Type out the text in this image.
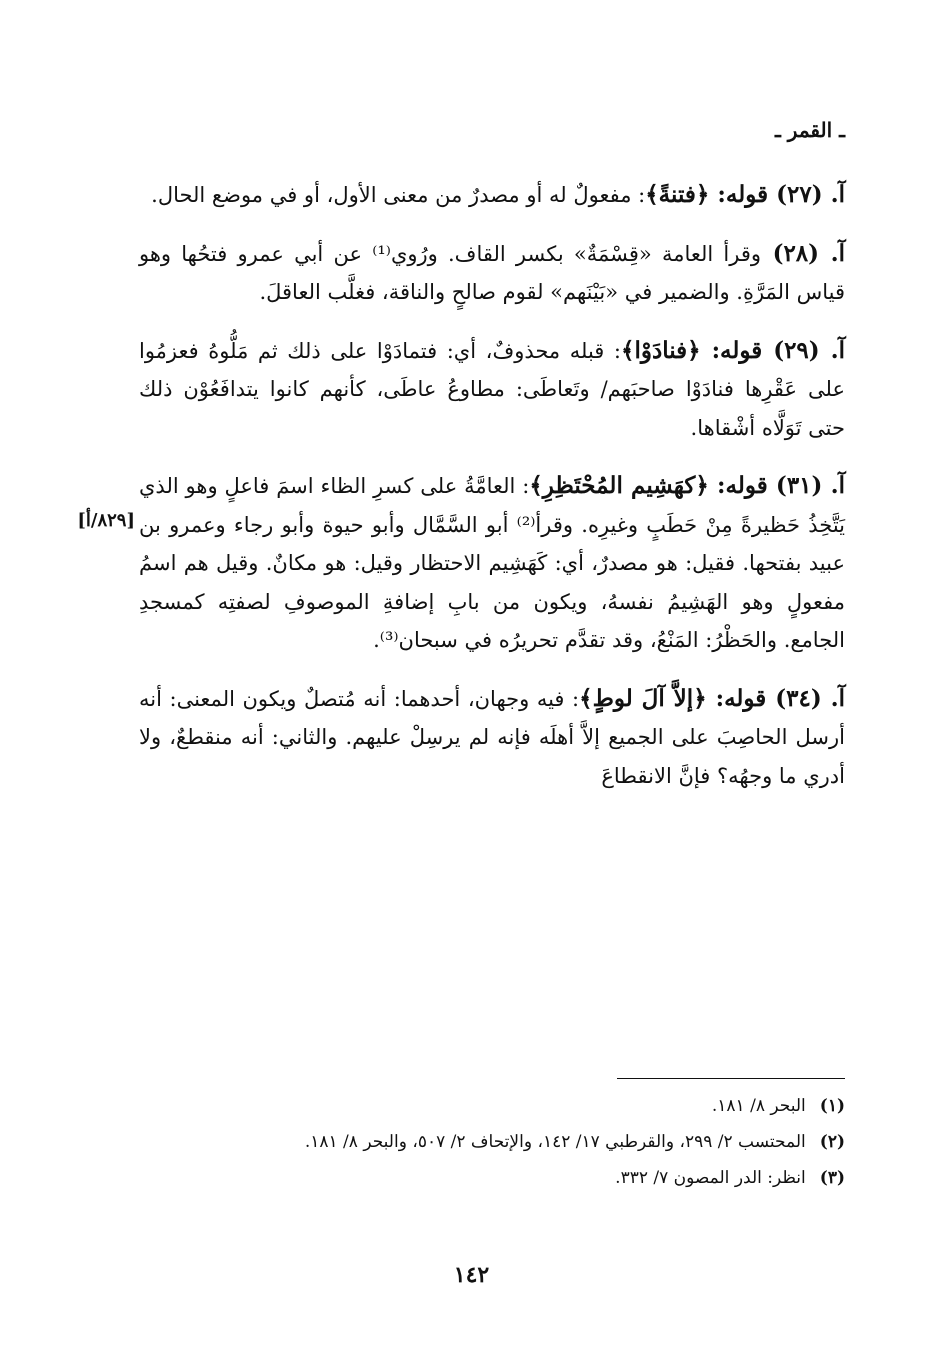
ـ القمر ـ
[٨٢٩/أ]

آ. (٢٧) قوله: ﴿فتنةً﴾: مفعولٌ له أو مصدرٌ من معنى الأول، أو في موضع الحال.

آ. (٢٨) وقرأ العامة «قِسْمَةٌ» بكسر القاف. ورُوي⁽¹⁾ عن أبي عمرو فتحُها وهو قياس المَرَّةِ. والضمير في «بَيْنَهم» لقوم صالحٍ والناقة، فغلَّب العاقلَ.

آ. (٢٩) قوله: ﴿فنادَوْا﴾: قبله محذوفٌ، أي: فتمادَوْا على ذلك ثم مَلُّوهُ فعزمُوا على عَقْرِها فنادَوْا صاحبَهم/ وتَعاطَى: مطاوعُ عاطَى، كأنهم كانوا يتدافَعُوْن ذلك حتى تَوَلَّاه أشْقاها.

آ. (٣١) قوله: ﴿كهَشِيم المُحْتَظِرِ﴾: العامَّةُ على كسرِ الظاء اسمَ فاعلٍ وهو الذي يَتَّخِذُ حَظيرةً مِنْ حَطَبٍ وغيرِه. وقرأ⁽²⁾ أبو السَّمَّال وأبو حيوة وأبو رجاء وعمرو بن عبيد بفتحها. فقيل: هو مصدرٌ، أي: كَهَشِيم الاحتظار وقيل: هو مكانٌ. وقيل هم اسمُ مفعولٍ وهو الهَشِيمُ نفسهُ، ويكون من بابِ إضافةِ الموصوفِ لصفتِه كمسجدِ الجامع. والحَظْرُ: المَنْعُ، وقد تقدَّم تحريرُه في سبحان⁽³⁾.

آ. (٣٤) قوله: ﴿إلاَّ آلَ لوطٍ﴾: فيه وجهان، أحدهما: أنه مُتصلٌ ويكون المعنى: أنه أرسل الحاصِبَ على الجميع إلاَّ أهلَه فإنه لم يرسِلْ عليهم. والثاني: أنه منقطعٌ، ولا أدري ما وجهُه؟ فإنَّ الانقطاعَ

(١)
البحر ٨/ ١٨١.
(٢)
المحتسب ٢/ ٢٩٩، والقرطبي ١٧/ ١٤٢، والإتحاف ٢/ ٥٠٧، والبحر ٨/ ١٨١.
(٣)
انظر: الدر المصون ٧/ ٣٣٢.
١٤٢
